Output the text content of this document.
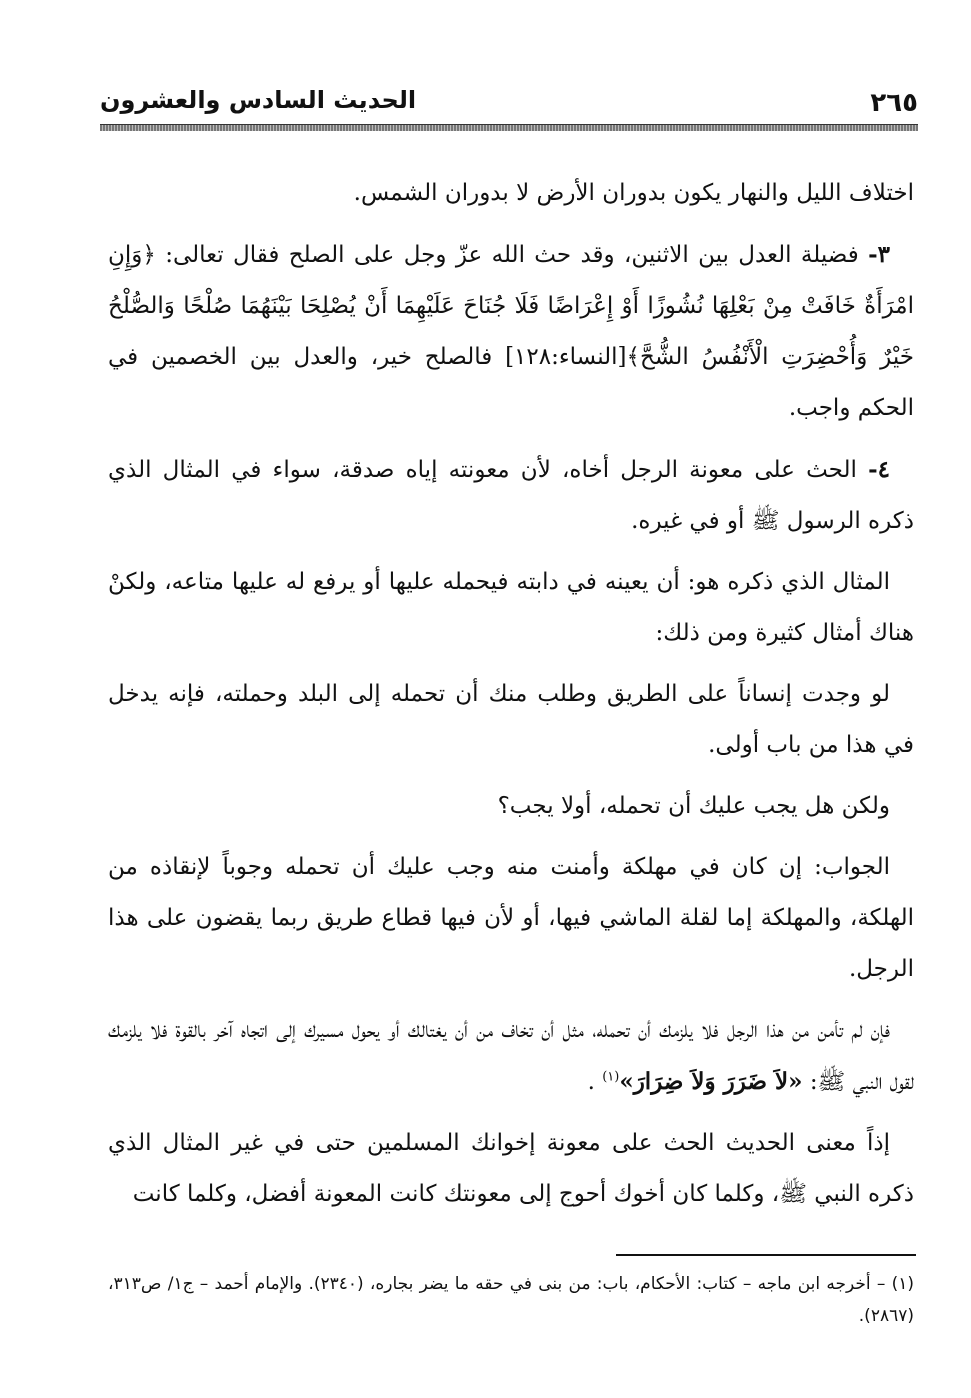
٢٦٥
الحديث السادس والعشرون

اختلاف الليل والنهار يكون بدوران الأرض لا بدوران الشمس.

٣- فضيلة العدل بين الاثنين، وقد حث الله عزّ وجل على الصلح فقال تعالى: ﴿وَإِنِ امْرَأَةٌ خَافَتْ مِنْ بَعْلِهَا نُشُوزًا أَوْ إِعْرَاضًا فَلَا جُنَاحَ عَلَيْهِمَا أَنْ يُصْلِحَا بَيْنَهُمَا صُلْحًا وَالصُّلْحُ خَيْرٌ وَأُحْضِرَتِ الْأَنْفُسُ الشُّحَّ﴾[النساء:١٢٨] فالصلح خير، والعدل بين الخصمين في الحكم واجب.

٤- الحث على معونة الرجل أخاه، لأن معونته إياه صدقة، سواء في المثال الذي ذكره الرسول ﷺ أو في غيره.

المثال الذي ذكره هو: أن يعينه في دابته فيحمله عليها أو يرفع له عليها متاعه، ولكنْ هناك أمثال كثيرة ومن ذلك:

لو وجدت إنساناً على الطريق وطلب منك أن تحمله إلى البلد وحملته، فإنه يدخل في هذا من باب أولى.

ولكن هل يجب عليك أن تحمله، أولا يجب؟

الجواب: إن كان في مهلكة وأمنت منه وجب عليك أن تحمله وجوباً لإنقاذه من الهلكة، والمهلكة إما لقلة الماشي فيها، أو لأن فيها قطاع طريق ربما يقضون على هذا الرجل.

فإن لم تأمن من هذا الرجل فلا يلزمك أن تحمله، مثل أن تخاف من أن يغتالك أو يحول مسيرك إلى اتجاه آخر بالقوة فلا يلزمك لقول النبي ﷺ: «لاَ ضَرَرَ وَلاَ ضِرَارَ»$^{(١)}$ .

إذاً معنى الحديث الحث على معونة إخوانك المسلمين حتى في غير المثال الذي ذكره النبي ﷺ، وكلما كان أخوك أحوج إلى معونتك كانت المعونة أفضل، وكلما كانت

(١) – أخرجه ابن ماجه – كتاب: الأحكام، باب: من بنى في حقه ما يضر بجاره، (٢٣٤٠). والإمام أحمد – ج١/ ص٣١٣، (٢٨٦٧).
